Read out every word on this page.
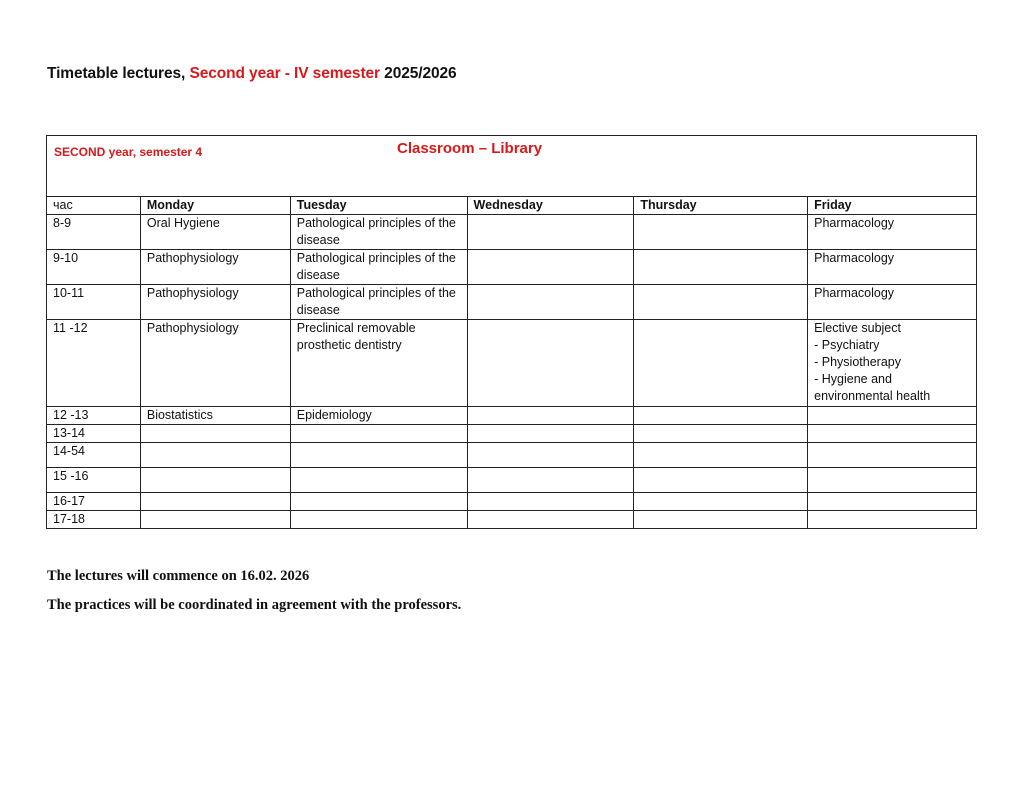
Timetable lectures, Second year - IV semester 2025/2026
SECOND year, semester 4 Classroom – Library					

час	Monday	Tuesday	Wednesday	Thursday	Friday
8-9	Oral Hygiene	Pathological principles of the disease			Pharmacology
9-10	Pathophysiology	Pathological principles of the disease			Pharmacology
10-11	Pathophysiology	Pathological principles of the disease			Pharmacology
11 -12	Pathophysiology	Preclinical removable prosthetic dentistry			Elective subject
- Psychiatry
- Physiotherapy
- Hygiene and environmental health

12 -13	Biostatistics	Epidemiology			
13-14					
14-54					
15 -16					
16-17					
17-18					
The lectures will commence on 16.02. 2026
The practices will be coordinated in agreement with the professors.
